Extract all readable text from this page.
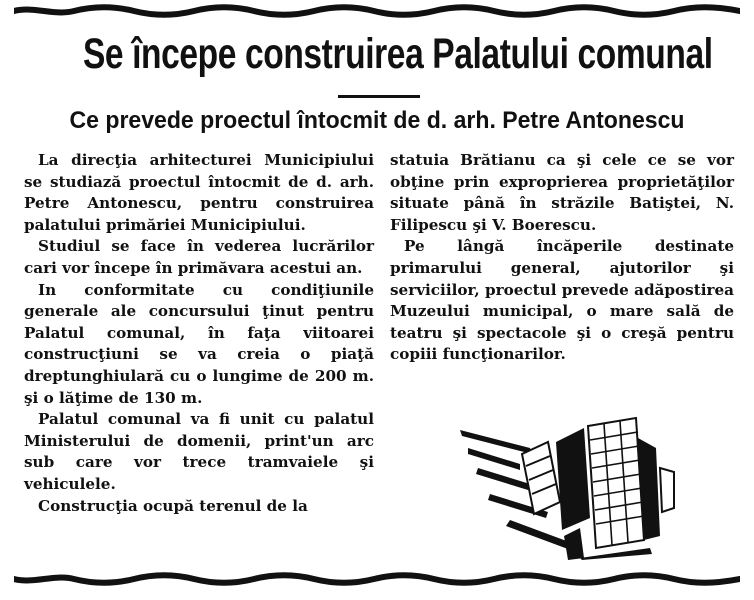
Se începe construirea Palatului comunal
Ce prevede proectul întocmit de d. arh. Petre Antonescu

La direcţia arhitecturei Municipiului se studiază proectul întocmit de d. arh. Petre Antonescu, pentru construirea palatului primăriei Municipiului.

Studiul se face în vederea lucrărilor cari vor începe în primăvara acestui an.

In conformitate cu condiţiunile generale ale concursului ţinut pentru Palatul comunal, în faţa viitoarei construcţiuni se va creia o piaţă dreptunghiulară cu o lungime de 200 m. şi o lăţime de 130 m.

Palatul comunal va fi unit cu palatul Ministerului de domenii, print'un arc sub care vor trece tramvaiele şi vehiculele.

Construcţia ocupă terenul de la

statuia Brătianu ca şi cele ce se vor obţine prin exproprierea proprietăţilor situate până în străzile Batiştei, N. Filipescu şi V. Boerescu.

Pe lângă încăperile destinate primarului general, ajutorilor şi serviciilor, proectul prevede adăpostirea Muzeului municipal, o mare sală de teatru şi spectacole şi o creşă pentru copiii funcţionarilor.
